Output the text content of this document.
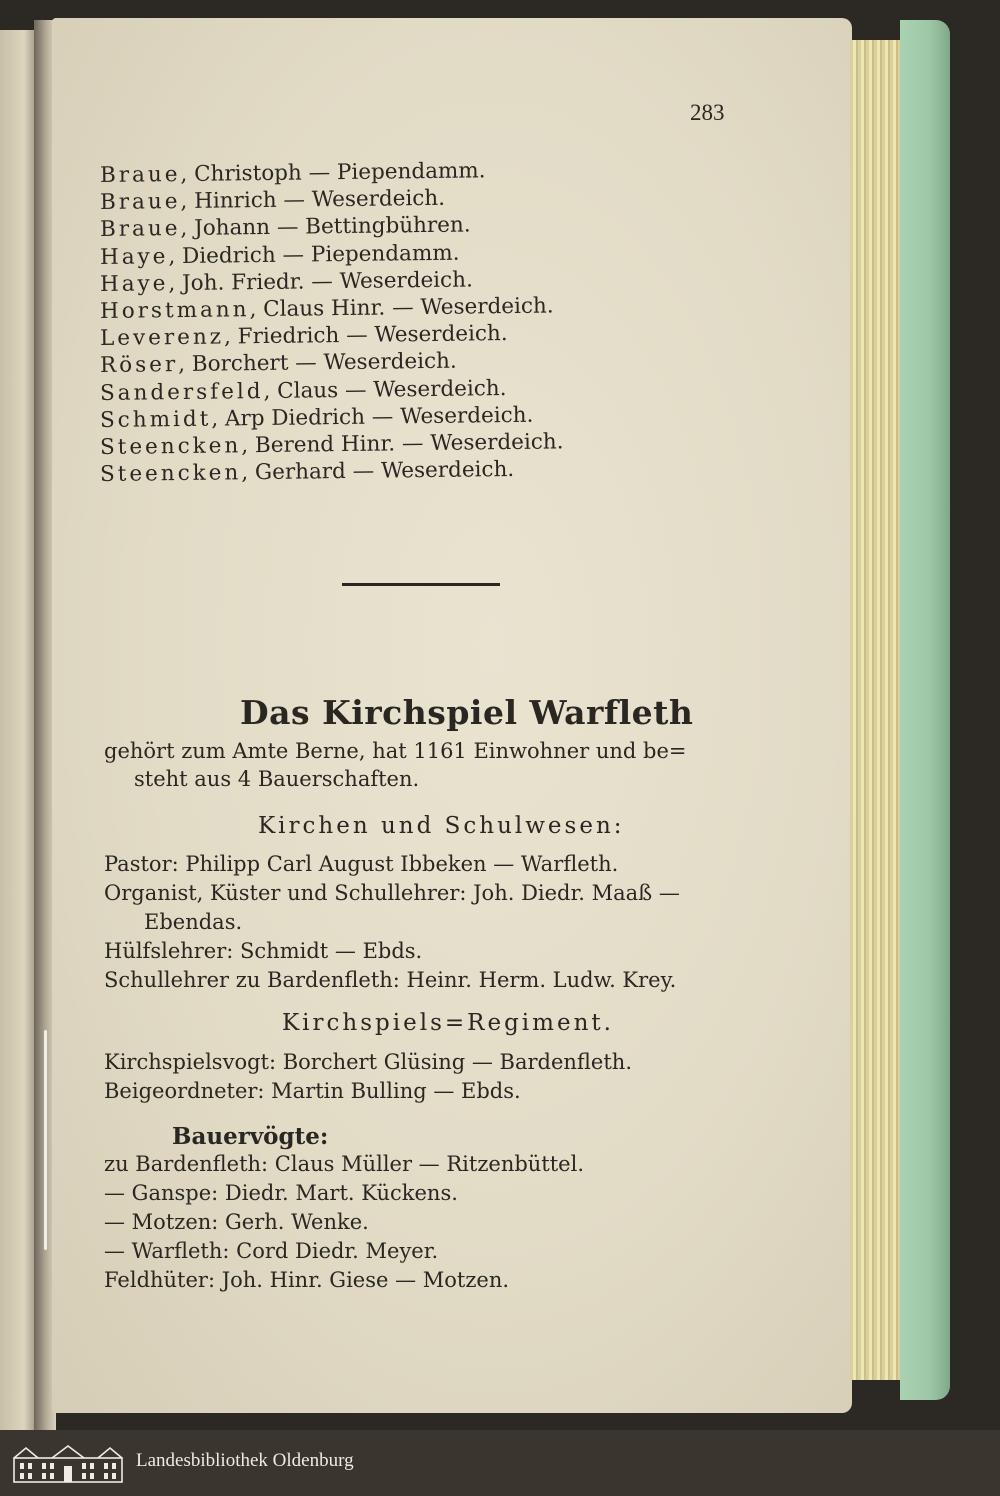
283
Braue, Christoph — Piependamm.
Braue, Hinrich — Weserdeich.
Braue, Johann — Bettingbühren.
Haye, Diedrich — Piependamm.
Haye, Joh. Friedr. — Weserdeich.
Horstmann, Claus Hinr. — Weserdeich.
Leverenz, Friedrich — Weserdeich.
Röser, Borchert — Weserdeich.
Sandersfeld, Claus — Weserdeich.
Schmidt, Arp Diedrich — Weserdeich.
Steencken, Berend Hinr. — Weserdeich.
Steencken, Gerhard — Weserdeich.
Das Kirchspiel Warfleth
gehört zum Amte Berne, hat 1161 Einwohner und be=
steht aus 4 Bauerschaften.
Kirchen und Schulwesen:
Pastor: Philipp Carl August Ibbeken — Warfleth.
Organist, Küster und Schullehrer: Joh. Diedr. Maaß —
Ebendas.
Hülfslehrer: Schmidt — Ebds.
Schullehrer zu Bardenfleth: Heinr. Herm. Ludw. Krey.
Kirchspiels=Regiment.
Kirchspielsvogt: Borchert Glüsing — Bardenfleth.
Beigeordneter: Martin Bulling — Ebds.
Bauervögte:
zu Bardenfleth: Claus Müller — Ritzenbüttel.
— Ganspe: Diedr. Mart. Kückens.
— Motzen: Gerh. Wenke.
— Warfleth: Cord Diedr. Meyer.
Feldhüter: Joh. Hinr. Giese — Motzen.
Landesbibliothek Oldenburg
